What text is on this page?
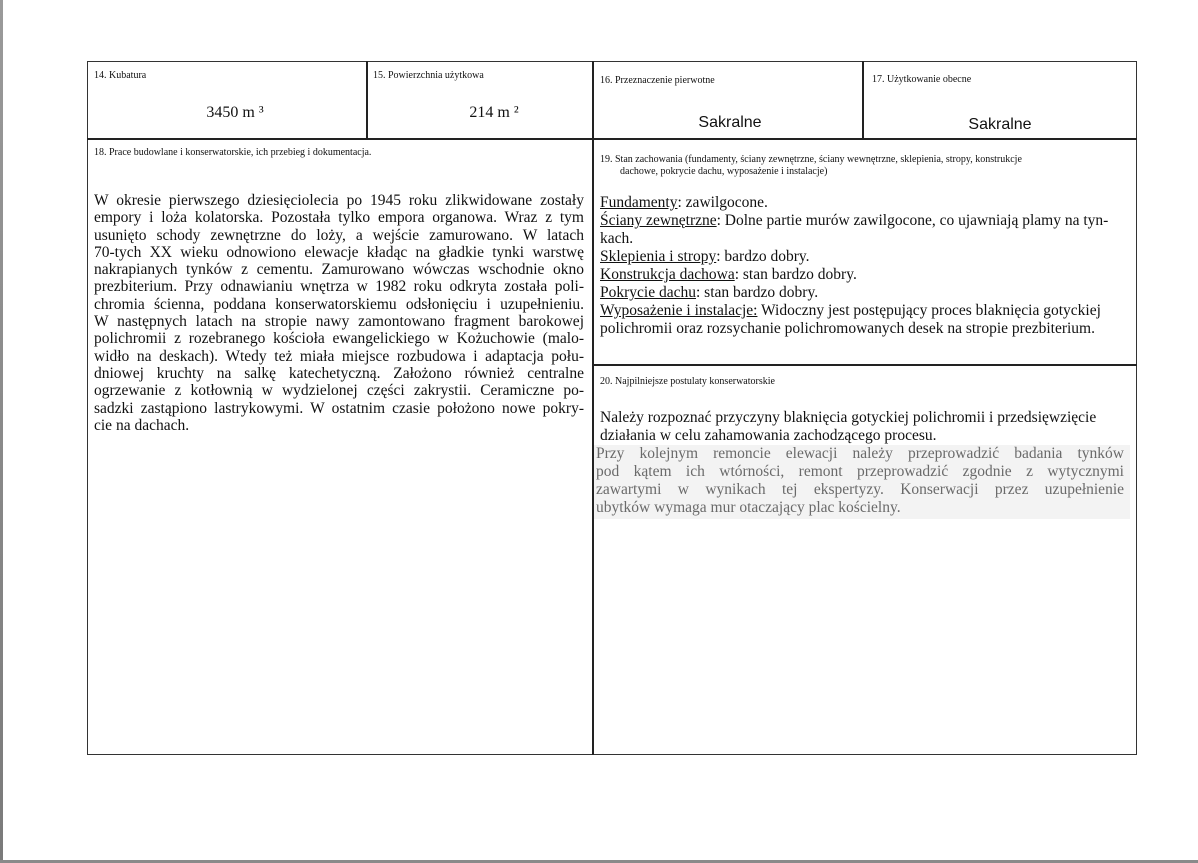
14. Kubatura
3450 m ³
15. Powierzchnia użytkowa
214 m ²
16. Przeznaczenie pierwotne
Sakralne
17. Użytkowanie obecne
Sakralne
18. Prace budowlane i konserwatorskie, ich przebieg i dokumentacja.
W okresie pierwszego dziesięciolecia po 1945 roku zlikwidowane zostały
empory i loża kolatorska. Pozostała tylko empora organowa. Wraz z tym
usunięto schody zewnętrzne do loży, a wejście zamurowano. W latach
70-tych XX wieku odnowiono elewacje kładąc na gładkie tynki warstwę
nakrapianych tynków z cementu. Zamurowano wówczas wschodnie okno
prezbiterium. Przy odnawianiu wnętrza w 1982 roku odkryta została poli-
chromia ścienna, poddana konserwatorskiemu odsłonięciu i uzupełnieniu.
W następnych latach na stropie nawy zamontowano fragment barokowej
polichromii z rozebranego kościoła ewangelickiego w Kożuchowie (malo-
widło na deskach). Wtedy też miała miejsce rozbudowa i adaptacja połu-
dniowej kruchty na salkę katechetyczną. Założono również centralne
ogrzewanie z kotłownią w wydzielonej części zakrystii. Ceramiczne po-
sadzki zastąpiono lastrykowymi. W ostatnim czasie położono nowe pokry-
cie na dachach.
19. Stan zachowania (fundamenty, ściany zewnętrzne, ściany wewnętrzne, sklepienia, stropy, konstrukcje
dachowe, pokrycie dachu, wyposażenie i instalacje)
Fundamenty: zawilgocone.
Ściany zewnętrzne: Dolne partie murów zawilgocone, co ujawniają plamy na tyn-
kach.
Sklepienia i stropy: bardzo dobry.
Konstrukcja dachowa: stan bardzo dobry.
Pokrycie dachu: stan bardzo dobry.
Wyposażenie i instalacje: Widoczny jest postępujący proces blaknięcia gotyckiej
polichromii oraz rozsychanie polichromowanych desek na stropie prezbiterium.
20. Najpilniejsze postulaty konserwatorskie
Należy rozpoznać przyczyny blaknięcia gotyckiej polichromii i przedsięwzięcie
działania w celu zahamowania zachodzącego procesu.
Przy kolejnym remoncie elewacji należy przeprowadzić badania tynków
pod kątem ich wtórności, remont przeprowadzić zgodnie z wytycznymi
zawartymi w wynikach tej ekspertyzy. Konserwacji przez uzupełnienie
ubytków wymaga mur otaczający plac kościelny.
